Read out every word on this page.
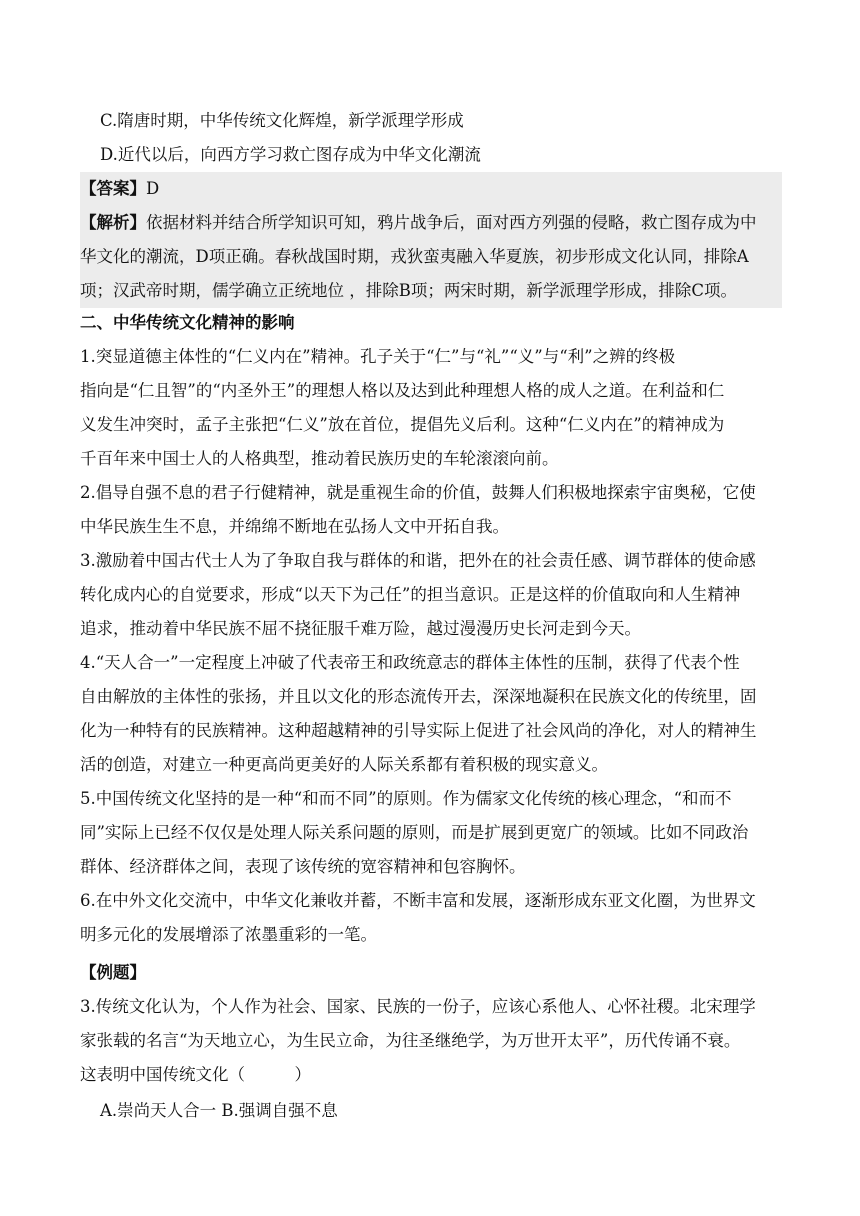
C.隋唐时期，中华传统文化辉煌，新学派理学形成
D.近代以后，向西方学习救亡图存成为中华文化潮流
【答案】D
【解析】依据材料并结合所学知识可知，鸦片战争后，面对西方列强的侵略，救亡图存成为中
华文化的潮流，D项正确。春秋战国时期，戎狄蛮夷融入华夏族，初步形成文化认同，排除A
项；汉武帝时期，儒学确立正统地位 ，排除B项；两宋时期，新学派理学形成，排除C项。
二、中华传统文化精神的影响
1.突显道德主体性的“仁义内在”精神。孔子关于“仁”与“礼”“义”与“利”之辨的终极
指向是“仁且智”的“内圣外王”的理想人格以及达到此种理想人格的成人之道。在利益和仁
义发生冲突时，孟子主张把“仁义”放在首位，提倡先义后利。这种“仁义内在”的精神成为
千百年来中国士人的人格典型，推动着民族历史的车轮滚滚向前。
2.倡导自强不息的君子行健精神，就是重视生命的价值，鼓舞人们积极地探索宇宙奥秘，它使
中华民族生生不息，并绵绵不断地在弘扬人文中开拓自我。
3.激励着中国古代士人为了争取自我与群体的和谐，把外在的社会责任感、调节群体的使命感
转化成内心的自觉要求，形成“以天下为己任”的担当意识。正是这样的价值取向和人生精神
追求，推动着中华民族不屈不挠征服千难万险，越过漫漫历史长河走到今天。
4.“天人合一”一定程度上冲破了代表帝王和政统意志的群体主体性的压制，获得了代表个性
自由解放的主体性的张扬，并且以文化的形态流传开去，深深地凝积在民族文化的传统里，固
化为一种特有的民族精神。这种超越精神的引导实际上促进了社会风尚的净化，对人的精神生
活的创造，对建立一种更高尚更美好的人际关系都有着积极的现实意义。
5.中国传统文化坚持的是一种“和而不同”的原则。作为儒家文化传统的核心理念，“和而不
同”实际上已经不仅仅是处理人际关系问题的原则，而是扩展到更宽广的领域。比如不同政治
群体、经济群体之间，表现了该传统的宽容精神和包容胸怀。
6.在中外文化交流中，中华文化兼收并蓄，不断丰富和发展，逐渐形成东亚文化圈，为世界文
明多元化的发展增添了浓墨重彩的一笔。
【例题】
3.传统文化认为，个人作为社会、国家、民族的一份子，应该心系他人、心怀社稷。北宋理学
家张载的名言“为天地立心，为生民立命，为往圣继绝学，为万世开太平”，历代传诵不衰。
这表明中国传统文化（　　　）
A.崇尚天人合一 B.强调自强不息
